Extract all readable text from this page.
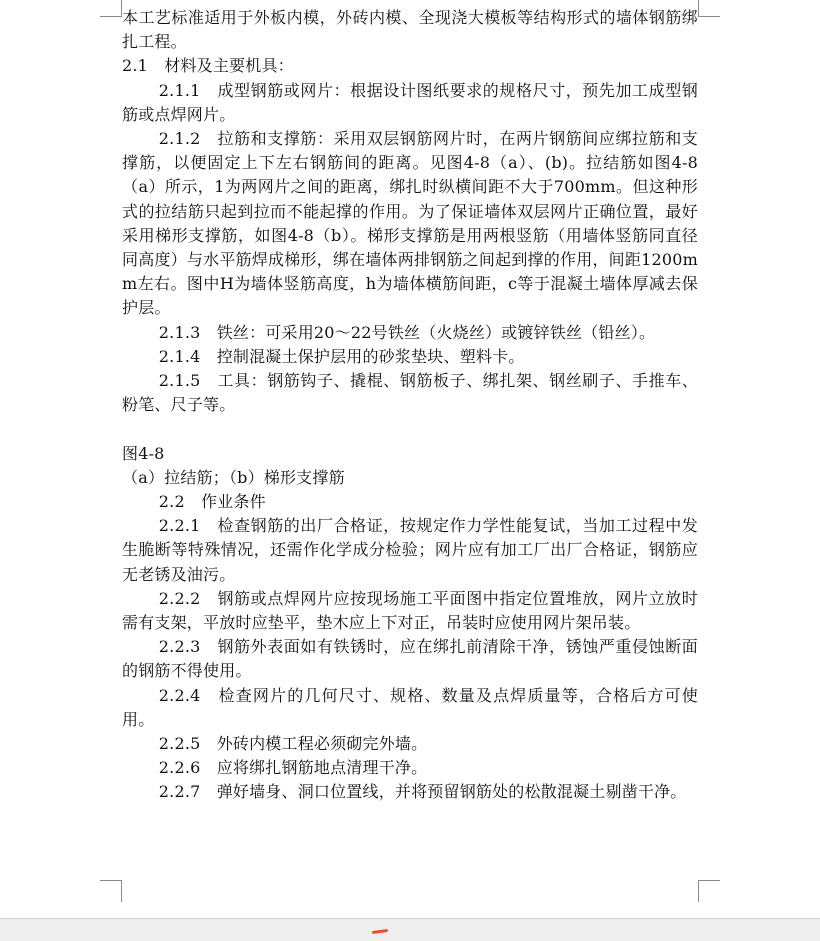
本工艺标准适用于外板内模，外砖内模、全现浇大模板等结构形式的墙体钢筋绑扎工程。

2.1　材料及主要机具：

2.1.1　成型钢筋或网片：根据设计图纸要求的规格尺寸，预先加工成型钢筋或点焊网片。

2.1.2　拉筋和支撑筋：采用双层钢筋网片时，在两片钢筋间应绑拉筋和支撑筋，以便固定上下左右钢筋间的距离。见图4-8（a）、(b)。拉结筋如图4-8（a）所示，1为两网片之间的距离，绑扎时纵横间距不大于700mm。但这种形式的拉结筋只起到拉而不能起撑的作用。为了保证墙体双层网片正确位置，最好采用梯形支撑筋，如图4-8（b）。梯形支撑筋是用两根竖筋（用墙体竖筋同直径同高度）与水平筋焊成梯形，绑在墙体两排钢筋之间起到撑的作用，间距1200mm左右。图中H为墙体竖筋高度，h为墙体横筋间距，c等于混凝土墙体厚减去保护层。

2.1.3　铁丝：可采用20～22号铁丝（火烧丝）或镀锌铁丝（铅丝）。

2.1.4　控制混凝土保护层用的砂浆垫块、塑料卡。

2.1.5　工具：钢筋钩子、撬棍、钢筋板子、绑扎架、钢丝刷子、手推车、粉笔、尺子等。

图4-8

（a）拉结筋；（b）梯形支撑筋

2.2　作业条件

2.2.1　检查钢筋的出厂合格证，按规定作力学性能复试，当加工过程中发生脆断等特殊情况，还需作化学成分检验；网片应有加工厂出厂合格证，钢筋应无老锈及油污。

2.2.2　钢筋或点焊网片应按现场施工平面图中指定位置堆放，网片立放时需有支架，平放时应垫平，垫木应上下对正，吊装时应使用网片架吊装。

2.2.3　钢筋外表面如有铁锈时，应在绑扎前清除干净，锈蚀严重侵蚀断面的钢筋不得使用。

2.2.4　检查网片的几何尺寸、规格、数量及点焊质量等，合格后方可使用。

2.2.5　外砖内模工程必须砌完外墙。

2.2.6　应将绑扎钢筋地点清理干净。

2.2.7　弹好墙身、洞口位置线，并将预留钢筋处的松散混凝土剔凿干净。
